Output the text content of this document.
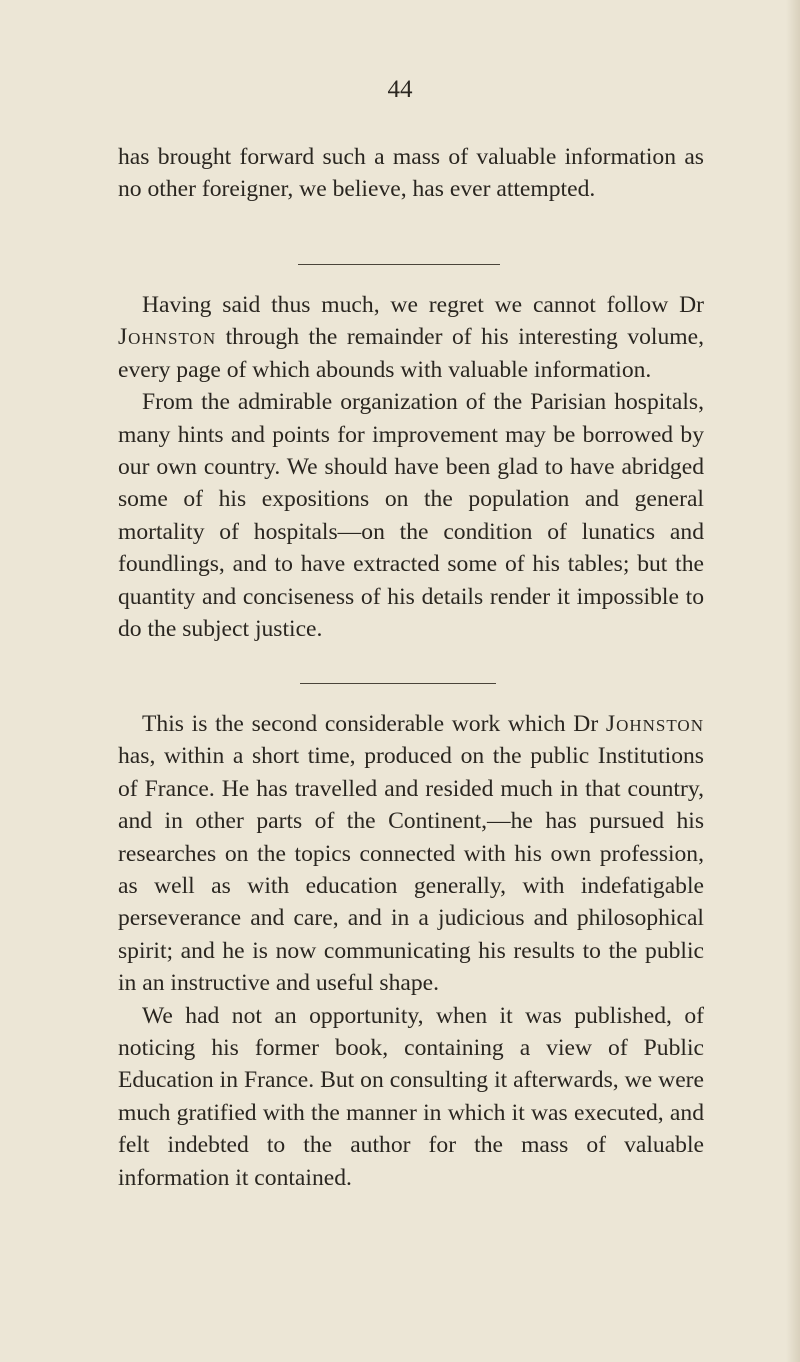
44

has brought forward such a mass of valuable information as no other foreigner, we believe, has ever attempted.

Having said thus much, we regret we cannot follow Dr Johnston through the remainder of his interesting volume, every page of which abounds with valuable information.

From the admirable organization of the Parisian hospitals, many hints and points for improvement may be borrowed by our own country. We should have been glad to have abridged some of his expositions on the population and general mortality of hospitals—on the condition of lunatics and foundlings, and to have extracted some of his tables; but the quantity and conciseness of his details render it impossible to do the subject justice.

This is the second considerable work which Dr Johnston has, within a short time, produced on the public Institutions of France. He has travelled and resided much in that country, and in other parts of the Continent,—he has pursued his researches on the topics connected with his own profession, as well as with education generally, with indefatigable perseverance and care, and in a judicious and philosophical spirit; and he is now communicating his results to the public in an instructive and useful shape.

We had not an opportunity, when it was published, of noticing his former book, containing a view of Public Education in France. But on consulting it afterwards, we were much gratified with the manner in which it was executed, and felt indebted to the author for the mass of valuable information it contained.
